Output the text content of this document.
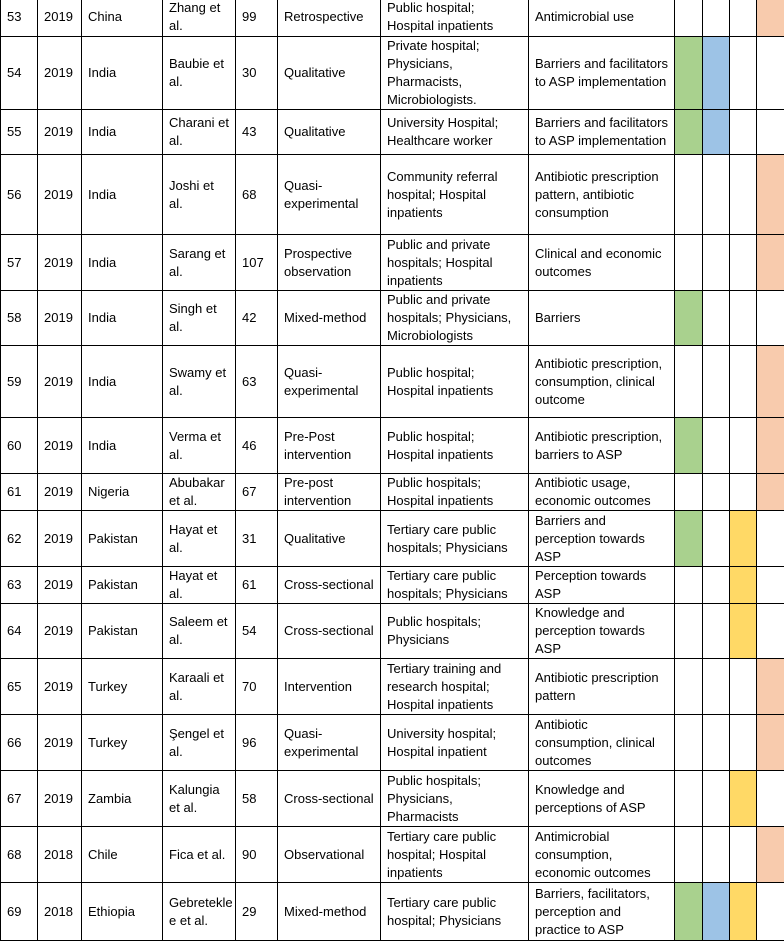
53	2019	China	Zhang et al.	99	Retrospective	Public hospital; Hospital inpatients	Antimicrobial use				
54	2019	India	Baubie et al.	30	Qualitative	Private hospital; Physicians, Pharmacists, Microbiologists.	Barriers and facilitators to ASP implementation				
55	2019	India	Charani et al.	43	Qualitative	University Hospital; Healthcare worker	Barriers and facilitators to ASP implementation				
56	2019	India	Joshi et al.	68	Quasi-experimental	Community referral hospital; Hospital inpatients	Antibiotic prescription pattern, antibiotic consumption				
57	2019	India	Sarang et al.	107	Prospective observation	Public and private hospitals; Hospital inpatients	Clinical and economic outcomes				
58	2019	India	Singh et al.	42	Mixed-method	Public and private hospitals; Physicians, Microbiologists	Barriers				
59	2019	India	Swamy et al.	63	Quasi-experimental	Public hospital; Hospital inpatients	Antibiotic prescription, consumption, clinical outcome				
60	2019	India	Verma et al.	46	Pre-Post intervention	Public hospital; Hospital inpatients	Antibiotic prescription, barriers to ASP				
61	2019	Nigeria	Abubakar et al.	67	Pre-post intervention	Public hospitals; Hospital inpatients	Antibiotic usage, economic outcomes				
62	2019	Pakistan	Hayat et al.	31	Qualitative	Tertiary care public hospitals; Physicians	Barriers and perception towards ASP				
63	2019	Pakistan	Hayat et al.	61	Cross-sectional	Tertiary care public hospitals; Physicians	Perception towards ASP				
64	2019	Pakistan	Saleem et al.	54	Cross-sectional	Public hospitals; Physicians	Knowledge and perception towards ASP				
65	2019	Turkey	Karaali et al.	70	Intervention	Tertiary training and research hospital; Hospital inpatients	Antibiotic prescription pattern				
66	2019	Turkey	Şengel et al.	96	Quasi-experimental	University hospital; Hospital inpatient	Antibiotic consumption, clinical outcomes				
67	2019	Zambia	Kalungia et al.	58	Cross-sectional	Public hospitals; Physicians, Pharmacists	Knowledge and perceptions of ASP				
68	2018	Chile	Fica et al.	90	Observational	Tertiary care public hospital; Hospital inpatients	Antimicrobial consumption, economic outcomes				
69	2018	Ethiopia	Gebretekle e et al.	29	Mixed-method	Tertiary care public hospital; Physicians	Barriers, facilitators, perception and practice to ASP				
